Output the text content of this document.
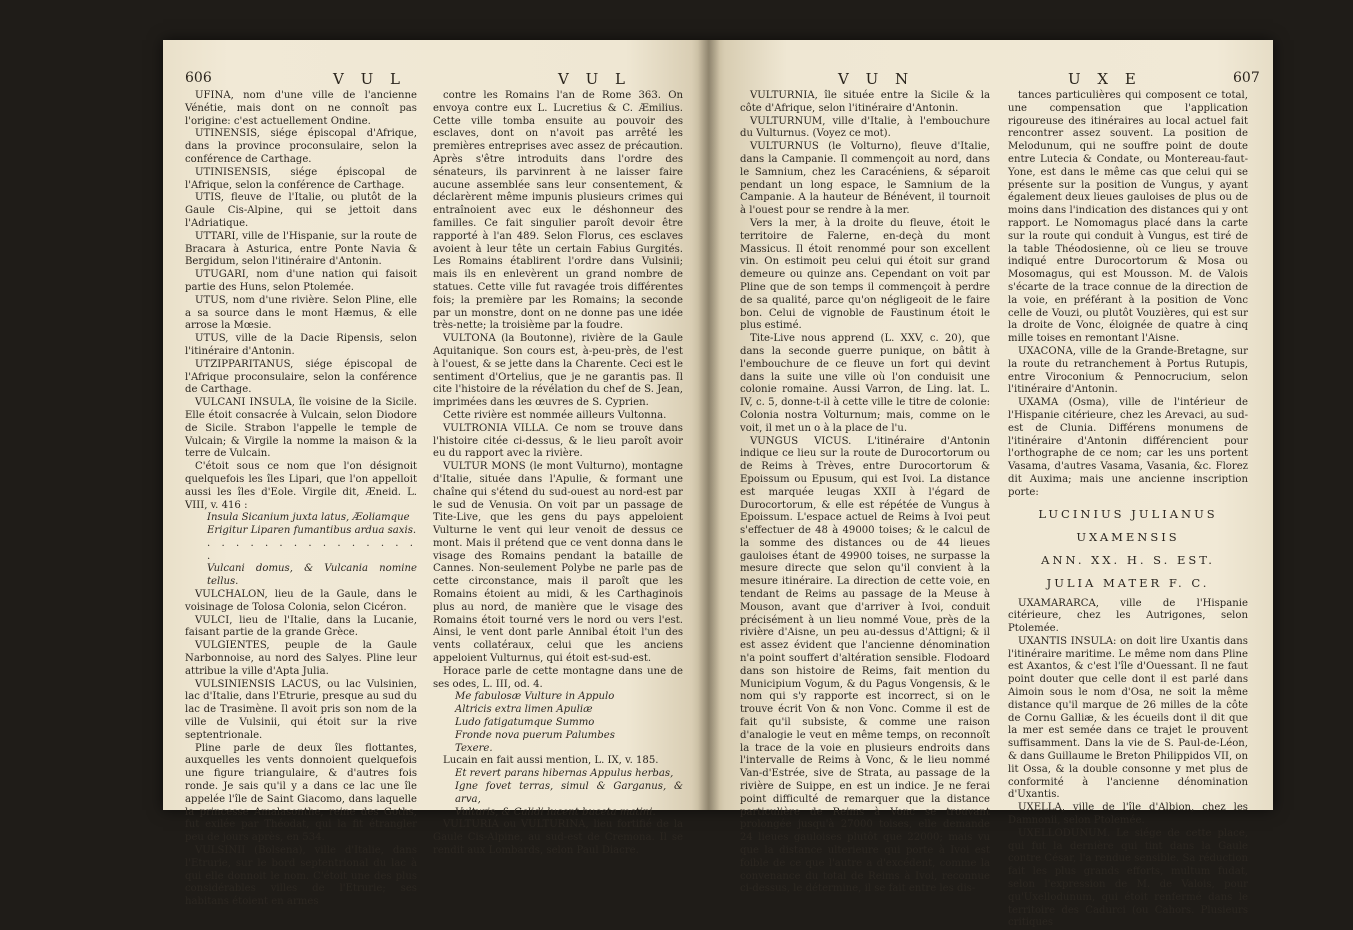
606	V U L	V U L

UFINA, nom d'une ville de l'ancienne Vénétie, mais dont on ne connoît pas l'origine: c'est actuellement Ondine.

UTINENSIS, siége épiscopal d'Afrique, dans la province proconsulaire, selon la conférence de Carthage.

UTINISENSIS, siége épiscopal de l'Afrique, selon la conférence de Carthage.

UTIS, fleuve de l'Italie, ou plutôt de la Gaule Cis-Alpine, qui se jettoit dans l'Adriatique.

UTTARI, ville de l'Hispanie, sur la route de Bracara à Asturica, entre Ponte Navia & Bergidum, selon l'itinéraire d'Antonin.

UTUGARI, nom d'une nation qui faisoit partie des Huns, selon Ptolemée.

UTUS, nom d'une rivière. Selon Pline, elle a sa source dans le mont Hæmus, & elle arrose la Mœsie.

UTUS, ville de la Dacie Ripensis, selon l'itinéraire d'Antonin.

UTZIPPARITANUS, siége épiscopal de l'Afrique proconsulaire, selon la conférence de Carthage.

VULCANI INSULA, île voisine de la Sicile. Elle étoit consacrée à Vulcain, selon Diodore de Sicile. Strabon l'appelle le temple de Vulcain; & Virgile la nomme la maison & la terre de Vulcain.

C'étoit sous ce nom que l'on désignoit quelquefois les îles Lipari, que l'on appelloit aussi les îles d'Eole. Virgile dit, Æneid. L. VIII, v. 416 :

Insula Sicanium juxta latus, Æoliamque

Erigitur Liparen fumantibus ardua saxis.

. . . . . . . . . . . . . . . .

Vulcani domus, & Vulcania nomine tellus.

VULCHALON, lieu de la Gaule, dans le voisinage de Tolosa Colonia, selon Cicéron.

VULCI, lieu de l'Italie, dans la Lucanie, faisant partie de la grande Grèce.

VULGIENTES, peuple de la Gaule Narbonnoise, au nord des Salyes. Pline leur attribue la ville d'Apta Julia.

VULSINIENSIS LACUS, ou lac Vulsinien, lac d'Italie, dans l'Etrurie, presque au sud du lac de Trasimène. Il avoit pris son nom de la ville de Vulsinii, qui étoit sur la rive septentrionale.

Pline parle de deux îles flottantes, auxquelles les vents donnoient quelquefois une figure triangulaire, & d'autres fois ronde. Je sais qu'il y a dans ce lac une île appelée l'île de Saint Giacomo, dans laquelle la princesse Amalasonthe, reine des Goths, fut exilée par Théodat, qui la fit étrangler peu de jours après, en 534.

VULSINII (Bolsena), ville d'Italie, dans l'Etrurie, sur le bord septentrional du lac à qui elle donnoit le nom. C'étoit une des plus considérables villes de l'Etrurie; ses habitans étoient en armes

contre les Romains l'an de Rome 363. On envoya contre eux L. Lucretius & C. Æmilius. Cette ville tomba ensuite au pouvoir des esclaves, dont on n'avoit pas arrêté les premières entreprises avec assez de précaution. Après s'être introduits dans l'ordre des sénateurs, ils parvinrent à ne laisser faire aucune assemblée sans leur consentement, & déclarèrent même impunis plusieurs crimes qui entraînoient avec eux le déshonneur des familles. Ce fait singulier paroît devoir être rapporté à l'an 489. Selon Florus, ces esclaves avoient à leur tête un certain Fabius Gurgités. Les Romains établirent l'ordre dans Vulsinii; mais ils en enlevèrent un grand nombre de statues. Cette ville fut ravagée trois différentes fois; la première par les Romains; la seconde par un monstre, dont on ne donne pas une idée très-nette; la troisième par la foudre.

VULTONA (la Boutonne), rivière de la Gaule Aquitanique. Son cours est, à-peu-près, de l'est à l'ouest, & se jette dans la Charente. Ceci est le sentiment d'Ortelius, que je ne garantis pas. Il cite l'histoire de la révélation du chef de S. Jean, imprimées dans les œuvres de S. Cyprien.

Cette rivière est nommée ailleurs Vultonna.

VULTRONIA VILLA. Ce nom se trouve dans l'histoire citée ci-dessus, & le lieu paroît avoir eu du rapport avec la rivière.

VULTUR MONS (le mont Vulturno), montagne d'Italie, située dans l'Apulie, & formant une chaîne qui s'étend du sud-ouest au nord-est par le sud de Venusia. On voit par un passage de Tite-Live, que les gens du pays appeloient Vulturne le vent qui leur venoit de dessus ce mont. Mais il prétend que ce vent donna dans le visage des Romains pendant la bataille de Cannes. Non-seulement Polybe ne parle pas de cette circonstance, mais il paroît que les Romains étoient au midi, & les Carthaginois plus au nord, de manière que le visage des Romains étoit tourné vers le nord ou vers l'est. Ainsi, le vent dont parle Annibal étoit l'un des vents collatéraux, celui que les anciens appeloient Vulturnus, qui étoit est-sud-est.

Horace parle de cette montagne dans une de ses odes, L. III, od. 4.

Me fabulosæ Vulture in Appulo

Altricis extra limen Apuliæ

Ludo fatigatumque Summo

Fronde nova puerum Palumbes

Texere.

Lucain en fait aussi mention, L. IX, v. 185.

Et revert parans hibernas Appulus herbas,

Igne fovet terras, simul & Garganus, & arva,

Vulturis, & Calidi lucent buceta matini.

VULTURIA ou VULTURINA, lieu fortifié de la Gaule Cis-Alpine, au sud-est de Cremona. Il se rendit aux Lombards, selon Paul Diacre.

V U N	U X E	607

VULTURNIA, île située entre la Sicile & la côte d'Afrique, selon l'itinéraire d'Antonin.

VULTURNUM, ville d'Italie, à l'embouchure du Vulturnus. (Voyez ce mot).

VULTURNUS (le Volturno), fleuve d'Italie, dans la Campanie. Il commençoit au nord, dans le Samnium, chez les Caracéniens, & séparoit pendant un long espace, le Samnium de la Campanie. A la hauteur de Bénévent, il tournoit à l'ouest pour se rendre à la mer.

Vers la mer, à la droite du fleuve, étoit le territoire de Falerne, en-deçà du mont Massicus. Il étoit renommé pour son excellent vin. On estimoit peu celui qui étoit sur grand demeure ou quinze ans. Cependant on voit par Pline que de son temps il commençoit à perdre de sa qualité, parce qu'on négligeoit de le faire bon. Celui de vignoble de Faustinum étoit le plus estimé.

Tite-Live nous apprend (L. XXV, c. 20), que dans la seconde guerre punique, on bâtit à l'embouchure de ce fleuve un fort qui devint dans la suite une ville où l'on conduisit une colonie romaine. Aussi Varron, de Ling. lat. L. IV, c. 5, donne-t-il à cette ville le titre de colonie: Colonia nostra Volturnum; mais, comme on le voit, il met un o à la place de l'u.

VUNGUS VICUS. L'itinéraire d'Antonin indique ce lieu sur la route de Durocortorum ou de Reims à Trèves, entre Durocortorum & Epoissum ou Epusum, qui est Ivoi. La distance est marquée leugas XXII à l'égard de Durocortorum, & elle est répétée de Vungus à Epoissum. L'espace actuel de Reims à Ivoi peut s'effectuer de 48 à 49000 toises; & le calcul de la somme des distances ou de 44 lieues gauloises étant de 49900 toises, ne surpasse la mesure directe que selon qu'il convient à la mesure itinéraire. La direction de cette voie, en tendant de Reims au passage de la Meuse à Mouson, avant que d'arriver à Ivoi, conduit précisément à un lieu nommé Voue, près de la rivière d'Aisne, un peu au-dessus d'Attigni; & il est assez évident que l'ancienne dénomination n'a point souffert d'altération sensible. Flodoard dans son histoire de Reims, fait mention du Municipium Vogum, & du Pagus Vongensis, & le nom qui s'y rapporte est incorrect, si on le trouve écrit Von & non Vonc. Comme il est de fait qu'il subsiste, & comme une raison d'analogie le veut en même temps, on reconnoît la trace de la voie en plusieurs endroits dans l'intervalle de Reims à Vonc, & le lieu nommé Van-d'Estrée, sive de Strata, au passage de la rivière de Suippe, en est un indice. Je ne ferai point difficulté de remarquer que la distance particulière de Reims à Vonc se trouvant prolongée jusqu'à 27000 toises, elle demande 24 lieues gauloises plutôt que 22000; mais vu que la distance ulterieure qui porte à Ivoi est foible de ce que l'autre a d'excédent, comme la convenance du total de Reims à Ivoi, reconnue ci-dessus, le détermine, il se fait entre les dis-

tances particulières qui composent ce total, une compensation que l'application rigoureuse des itinéraires au local actuel fait rencontrer assez souvent. La position de Melodunum, qui ne souffre point de doute entre Lutecia & Condate, ou Montereau-faut-Yone, est dans le même cas que celui qui se présente sur la position de Vungus, y ayant également deux lieues gauloises de plus ou de moins dans l'indication des distances qui y ont rapport. Le Nomomagus placé dans la carte sur la route qui conduit à Vungus, est tiré de la table Théodosienne, où ce lieu se trouve indiqué entre Durocortorum & Mosa ou Mosomagus, qui est Mousson. M. de Valois s'écarte de la trace connue de la direction de la voie, en préférant à la position de Vonc celle de Vouzi, ou plutôt Vouzières, qui est sur la droite de Vonc, éloignée de quatre à cinq mille toises en remontant l'Aisne.

UXACONA, ville de la Grande-Bretagne, sur la route du retranchement à Portus Rutupis, entre Viroconium & Pennocrucium, selon l'itinéraire d'Antonin.

UXAMA (Osma), ville de l'intérieur de l'Hispanie citérieure, chez les Arevaci, au sud-est de Clunia. Différens monumens de l'itinéraire d'Antonin différencient pour l'orthographe de ce nom; car les uns portent Vasama, d'autres Vasama, Vasania, &c. Florez dit Auxima; mais une ancienne inscription porte:

LUCINIUS JULIANUS

UXAMENSIS

ANN. XX. H. S. EST.

JULIA MATER F. C.

UXAMARARCA, ville de l'Hispanie citérieure, chez les Autrigones, selon Ptolemée.

UXANTIS INSULA: on doit lire Uxantis dans l'itinéraire maritime. Le même nom dans Pline est Axantos, & c'est l'île d'Ouessant. Il ne faut point douter que celle dont il est parlé dans Aimoin sous le nom d'Osa, ne soit la même distance qu'il marque de 26 milles de la côte de Cornu Galliæ, & les écueils dont il dit que la mer est semée dans ce trajet le prouvent suffisamment. Dans la vie de S. Paul-de-Léon, & dans Guillaume le Breton Philippidos VII, on lit Ossa, & la double consonne y met plus de conformité à l'ancienne dénomination d'Uxantis.

UXELLA, ville de l'île d'Albion, chez les Damnonii, selon Ptolemée.

UXELLODUNUM. Le siége de cette place, qui fut la dernière qui tint dans la Gaule contre César, l'a rendue sensible. Sa réduction fait les plus grands efforts, multum fudat, selon l'expression de M. de Valois, pour qu'Uxellodunum, qui étoit renfermé dans le territoire des Cadurci (ou Cahors. Plusieurs critiques
